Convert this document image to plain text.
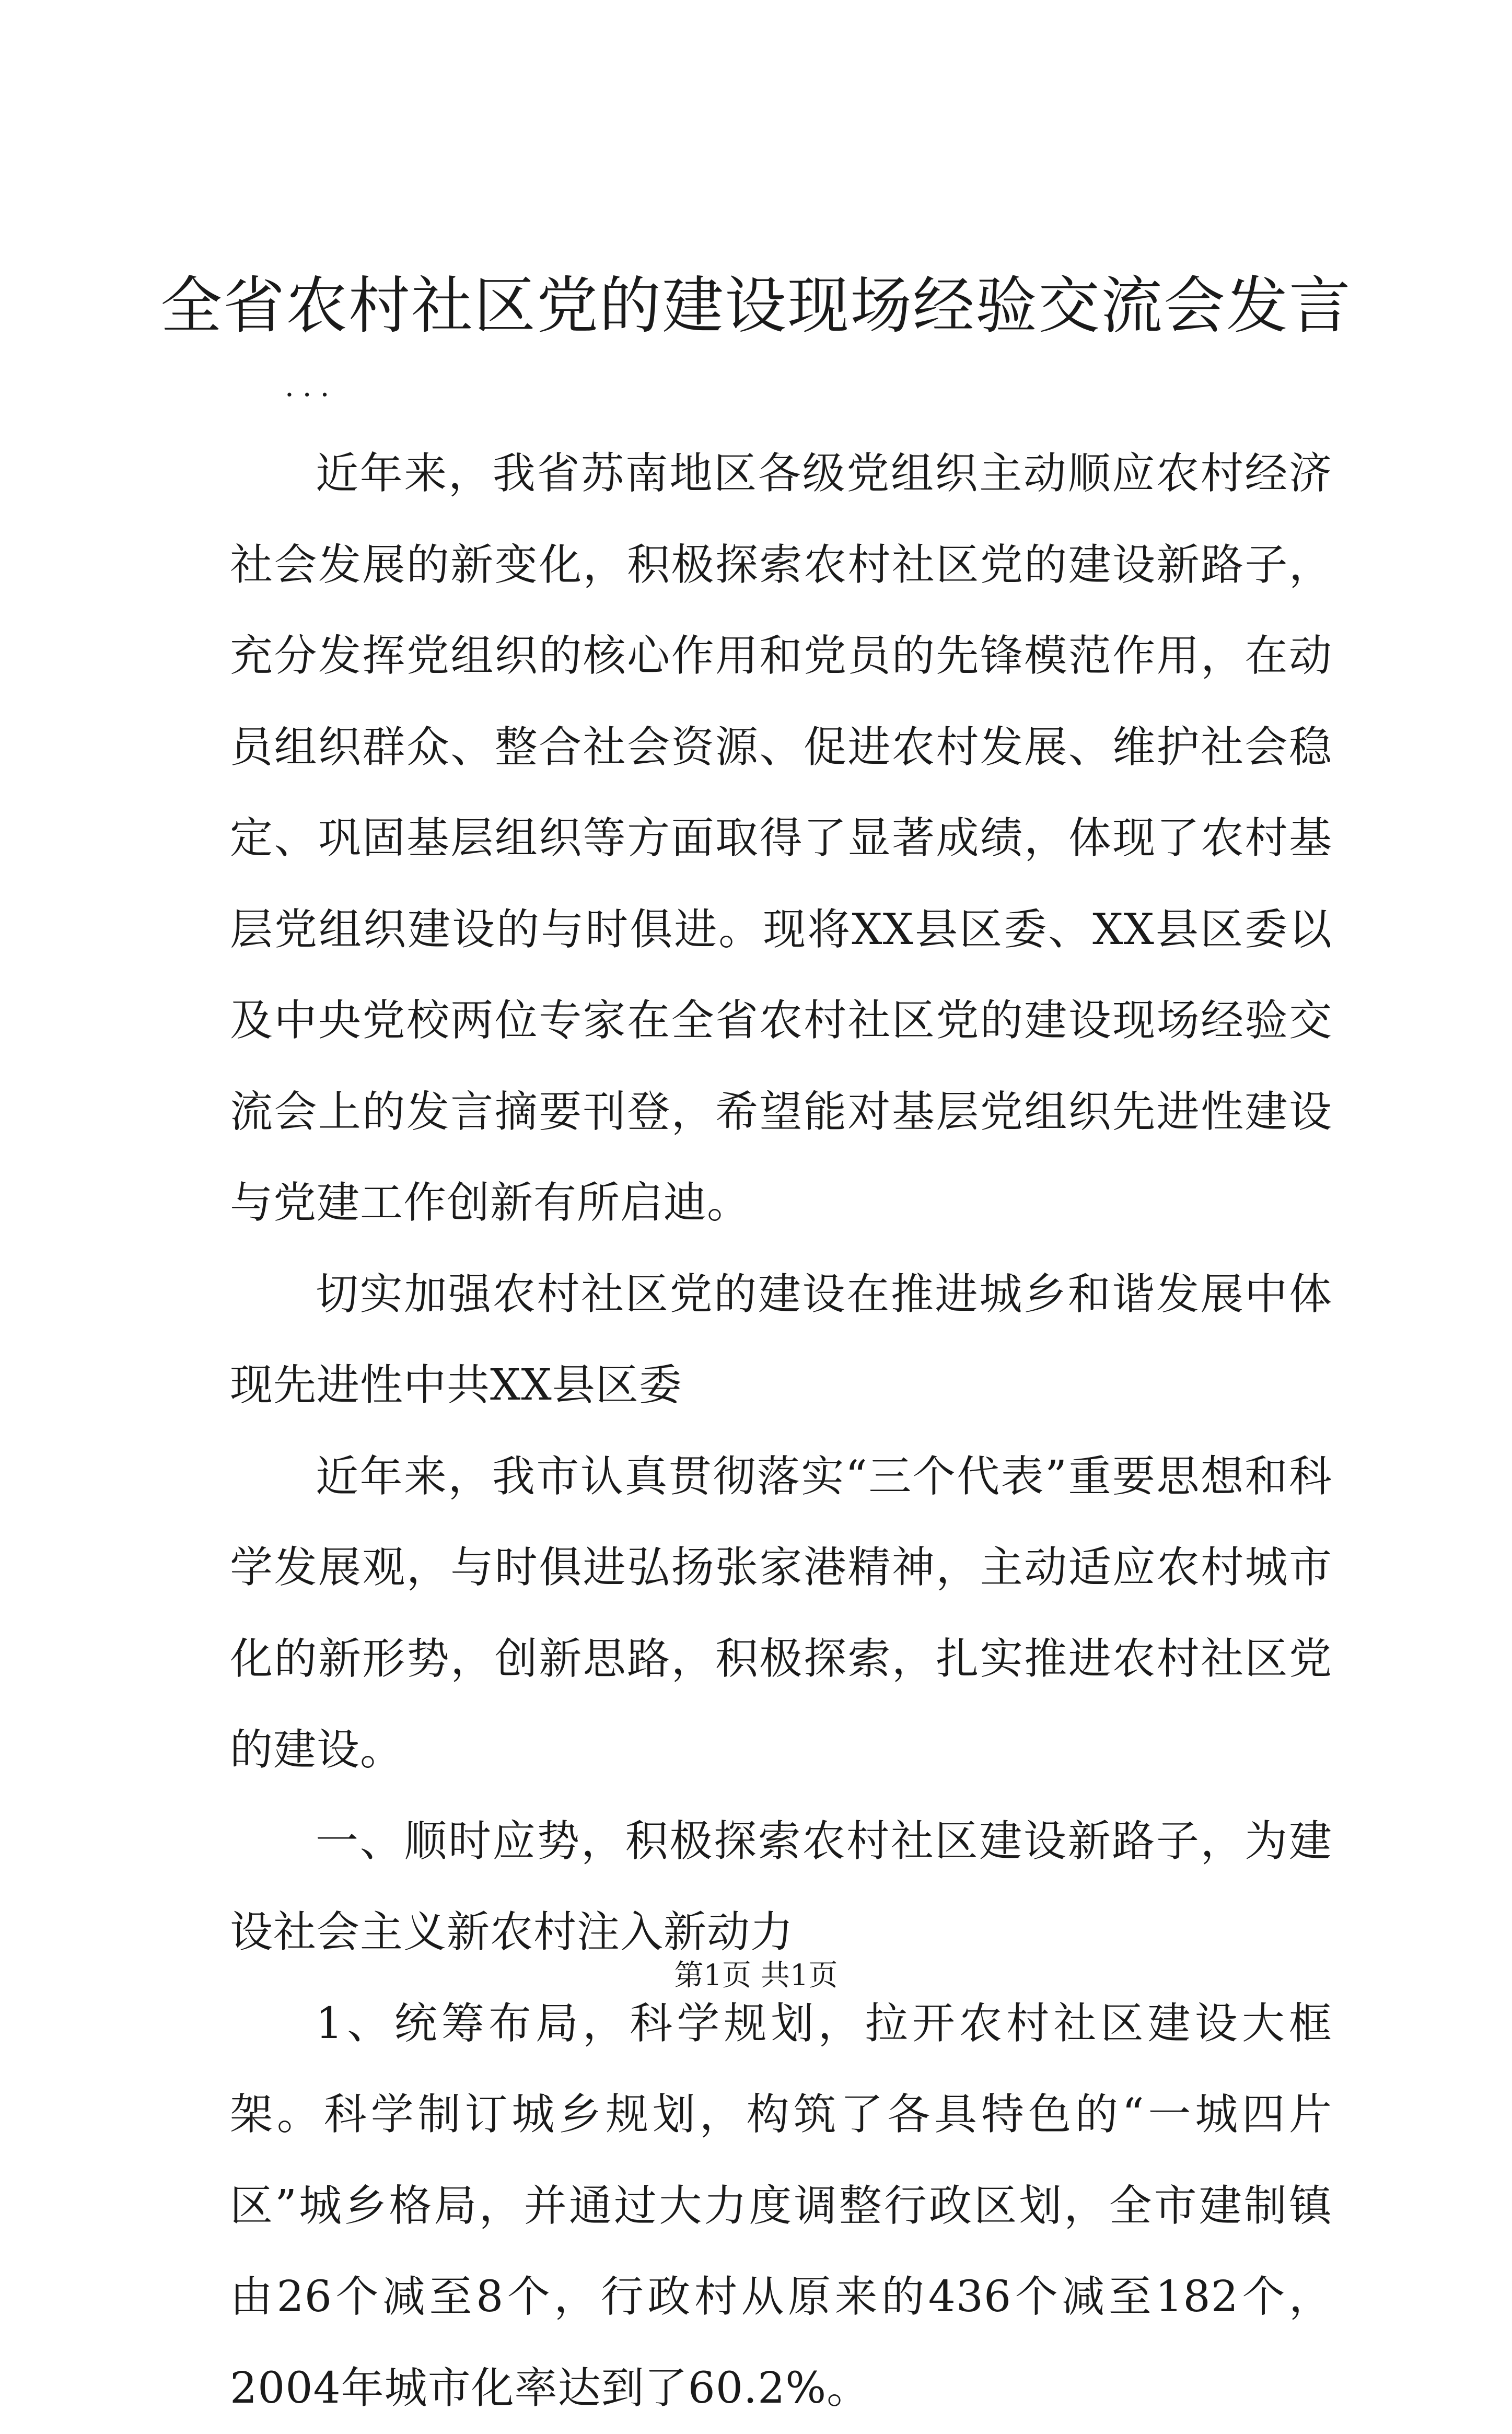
全省农村社区党的建设现场经验交流会发言
...

近年来，我省苏南地区各级党组织主动顺应农村经济社会发展的新变化，积极探索农村社区党的建设新路子，充分发挥党组织的核心作用和党员的先锋模范作用，在动员组织群众、整合社会资源、促进农村发展、维护社会稳定、巩固基层组织等方面取得了显著成绩，体现了农村基层党组织建设的与时俱进。现将XX县区委、XX县区委以及中央党校两位专家在全省农村社区党的建设现场经验交流会上的发言摘要刊登，希望能对基层党组织先进性建设与党建工作创新有所启迪。

切实加强农村社区党的建设在推进城乡和谐发展中体现先进性中共XX县区委

近年来，我市认真贯彻落实“三个代表”重要思想和科学发展观，与时俱进弘扬张家港精神，主动适应农村城市化的新形势，创新思路，积极探索，扎实推进农村社区党的建设。

一、顺时应势，积极探索农村社区建设新路子，为建设社会主义新农村注入新动力

1、统筹布局，科学规划，拉开农村社区建设大框架。科学制订城乡规划，构筑了各具特色的“一城四片区”城乡格局，并通过大力度调整行政区划，全市建制镇由26个减至8个，行政村从原来的436个减至182个，2004年城市化率达到了60.2%。

第1页 共1页
